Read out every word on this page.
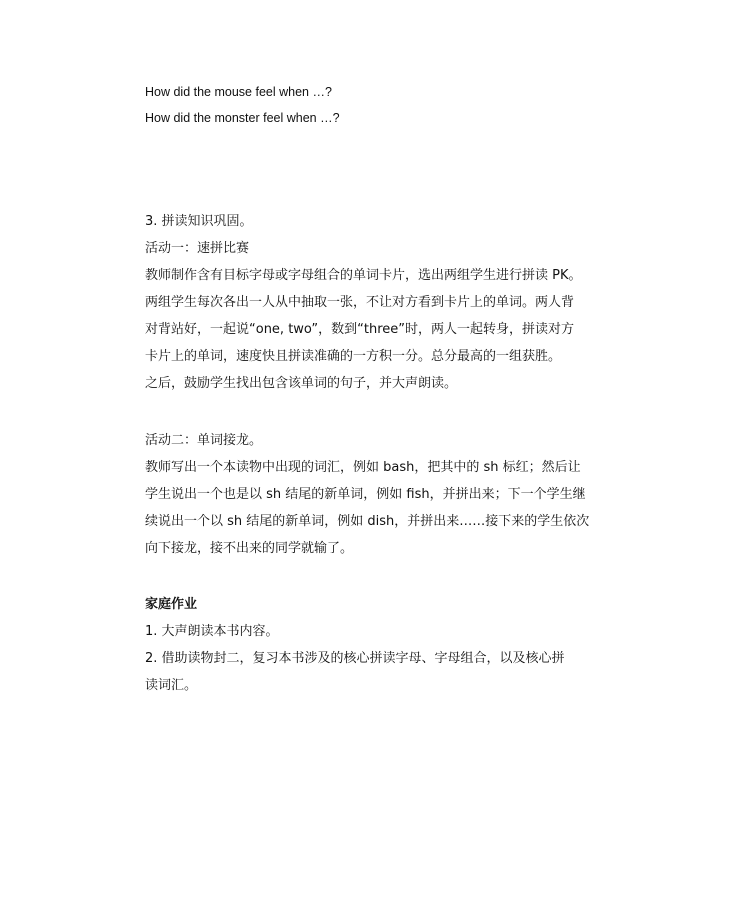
How did the mouse feel when …?
How did the monster feel when …?
3. 拼读知识巩固。
活动一：速拼比赛
教师制作含有目标字母或字母组合的单词卡片，选出两组学生进行拼读 PK。
两组学生每次各出一人从中抽取一张，不让对方看到卡片上的单词。两人背
对背站好，一起说“one, two”，数到“three”时，两人一起转身，拼读对方
卡片上的单词，速度快且拼读准确的一方积一分。总分最高的一组获胜。
之后，鼓励学生找出包含该单词的句子，并大声朗读。
活动二：单词接龙。
教师写出一个本读物中出现的词汇，例如 bash，把其中的 sh 标红；然后让
学生说出一个也是以 sh 结尾的新单词，例如 fish，并拼出来；下一个学生继
续说出一个以 sh 结尾的新单词，例如 dish，并拼出来……接下来的学生依次
向下接龙，接不出来的同学就输了。
家庭作业
1. 大声朗读本书内容。
2. 借助读物封二，复习本书涉及的核心拼读字母、字母组合，以及核心拼
读词汇。
